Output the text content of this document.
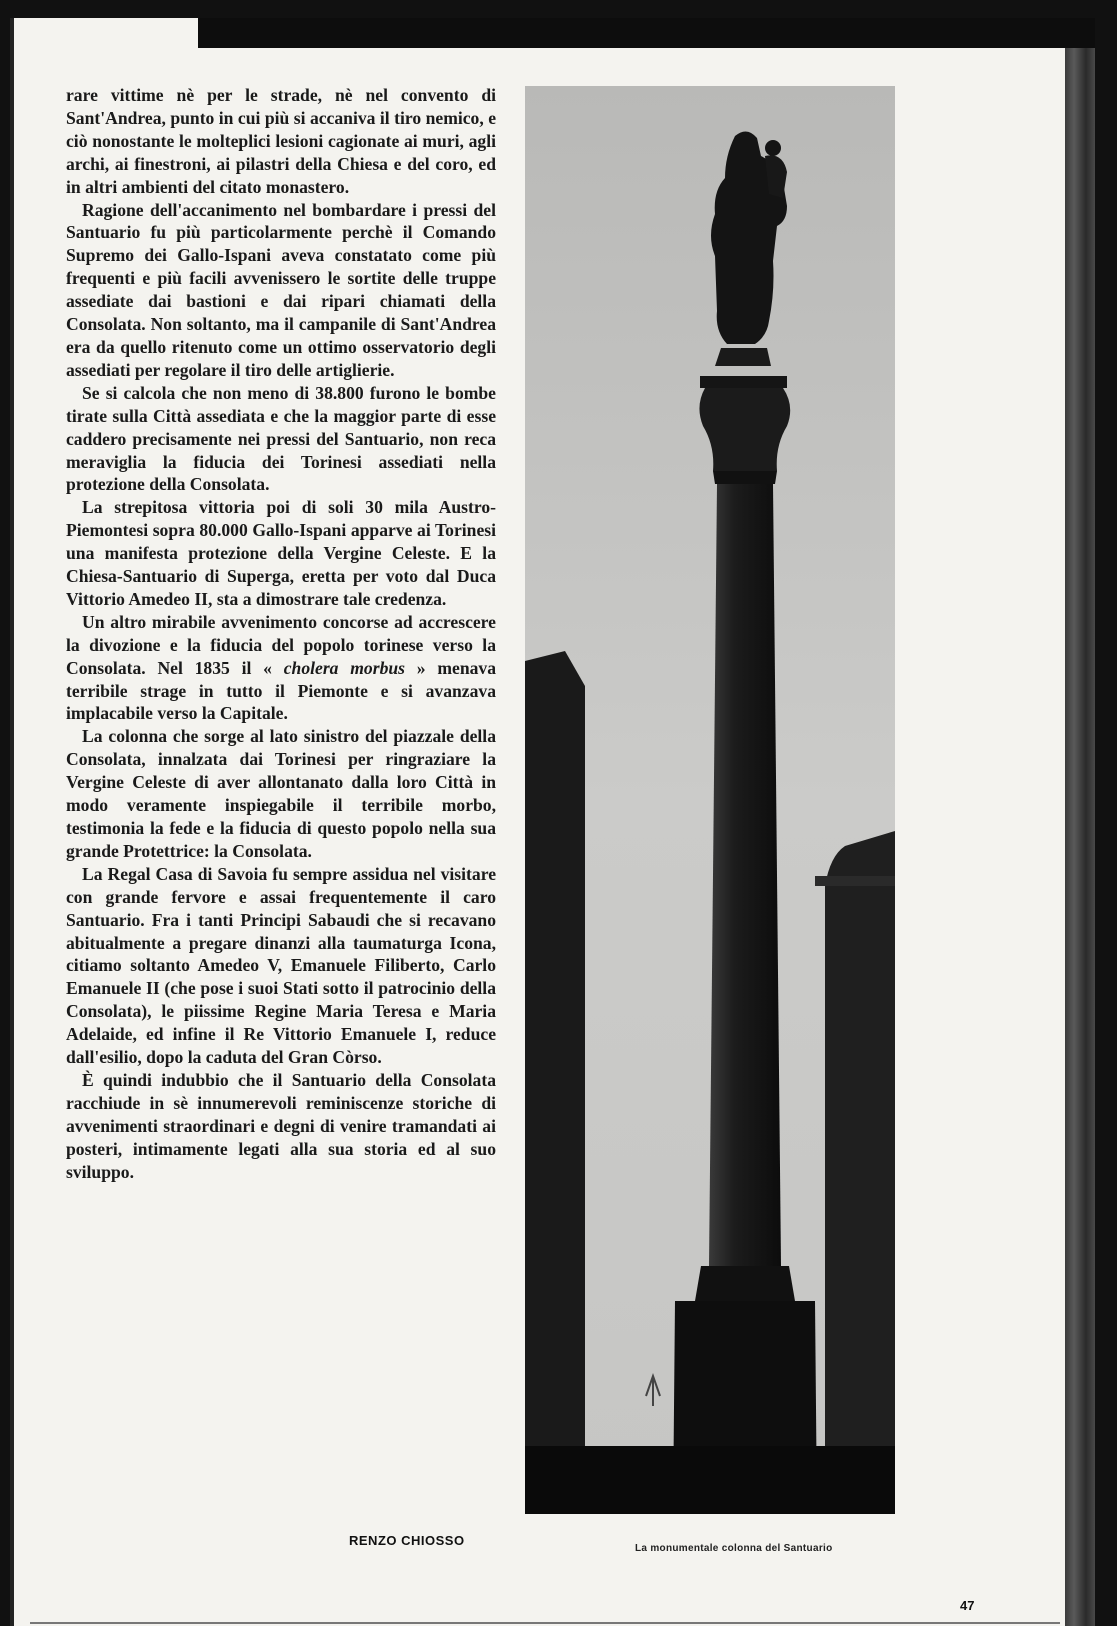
rare vittime nè per le strade, nè nel convento di Sant'Andrea, punto in cui più si accaniva il tiro nemico, e ciò nonostante le molteplici lesioni cagionate ai muri, agli archi, ai finestroni, ai pilastri della Chiesa e del coro, ed in altri ambienti del citato monastero.

Ragione dell'accanimento nel bombardare i pressi del Santuario fu più particolarmente perchè il Comando Supremo dei Gallo-Ispani aveva constatato come più frequenti e più facili avvenissero le sortite delle truppe assediate dai bastioni e dai ripari chiamati della Consolata. Non soltanto, ma il campanile di Sant'Andrea era da quello ritenuto come un ottimo osservatorio degli assediati per regolare il tiro delle artiglierie.

Se si calcola che non meno di 38.800 furono le bombe tirate sulla Città assediata e che la maggior parte di esse caddero precisamente nei pressi del Santuario, non reca meraviglia la fiducia dei Torinesi assediati nella protezione della Consolata.

La strepitosa vittoria poi di soli 30 mila Austro-Piemontesi sopra 80.000 Gallo-Ispani apparve ai Torinesi una manifesta protezione della Vergine Celeste. E la Chiesa-Santuario di Superga, eretta per voto dal Duca Vittorio Amedeo II, sta a dimostrare tale credenza.

Un altro mirabile avvenimento concorse ad accrescere la divozione e la fiducia del popolo torinese verso la Consolata. Nel 1835 il « cholera morbus » menava terribile strage in tutto il Piemonte e si avanzava implacabile verso la Capitale.

La colonna che sorge al lato sinistro del piazzale della Consolata, innalzata dai Torinesi per ringraziare la Vergine Celeste di aver allontanato dalla loro Città in modo veramente inspiegabile il terribile morbo, testimonia la fede e la fiducia di questo popolo nella sua grande Protettrice: la Consolata.

La Regal Casa di Savoia fu sempre assidua nel visitare con grande fervore e assai frequentemente il caro Santuario. Fra i tanti Principi Sabaudi che si recavano abitualmente a pregare dinanzi alla taumaturga Icona, citiamo soltanto Amedeo V, Emanuele Filiberto, Carlo Emanuele II (che pose i suoi Stati sotto il patrocinio della Consolata), le piissime Regine Maria Teresa e Maria Adelaide, ed infine il Re Vittorio Emanuele I, reduce dall'esilio, dopo la caduta del Gran Còrso.

È quindi indubbio che il Santuario della Consolata racchiude in sè innumerevoli reminiscenze storiche di avvenimenti straordinari e degni di venire tramandati ai posteri, intimamente legati alla sua storia ed al suo sviluppo.

RENZO CHIOSSO
La monumentale colonna del Santuario
47
